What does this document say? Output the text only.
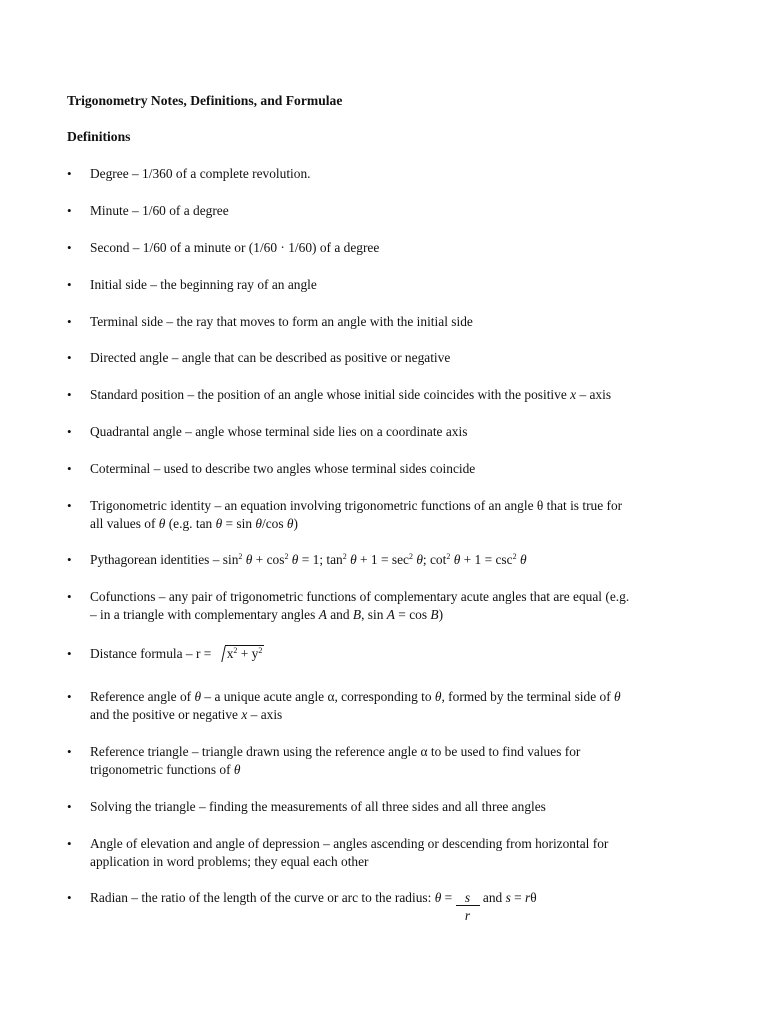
Trigonometry Notes, Definitions, and Formulae
Definitions
• Degree – 1/360 of a complete revolution.
• Minute – 1/60 of a degree
• Second – 1/60 of a minute or (1/60 · 1/60) of a degree
• Initial side – the beginning ray of an angle
• Terminal side – the ray that moves to form an angle with the initial side
• Directed angle – angle that can be described as positive or negative
• Standard position – the position of an angle whose initial side coincides with the positive x – axis
• Quadrantal angle – angle whose terminal side lies on a coordinate axis
• Coterminal – used to describe two angles whose terminal sides coincide
• Trigonometric identity – an equation involving trigonometric functions of an angle θ that is true for
all values of θ (e.g. tan θ = sin θ/cos θ)
• Pythagorean identities – $\sin^2 \theta + \cos^2 \theta = 1$; $\tan^2 \theta + 1 = \sec^2 \theta$; $\cot^2 \theta + 1 = \csc^2 \theta$
• Cofunctions – any pair of trigonometric functions of complementary acute angles that are equal (e.g.
– in a triangle with complementary angles A and B, sin A = cos B)
• Distance formula – $r = x^2 + y^2$
• Reference angle of θ – a unique acute angle α, corresponding to θ, formed by the terminal side of θ
and the positive or negative x – axis
• Reference triangle – triangle drawn using the reference angle α to be used to find values for
trigonometric functions of θ
• Solving the triangle – finding the measurements of all three sides and all three angles
• Angle of elevation and angle of depression – angles ascending or descending from horizontal for
application in word problems; they equal each other
• Radian – the ratio of the length of the curve or arc to the radius: $\theta = \frac{s}{r}$ and s = rθ
